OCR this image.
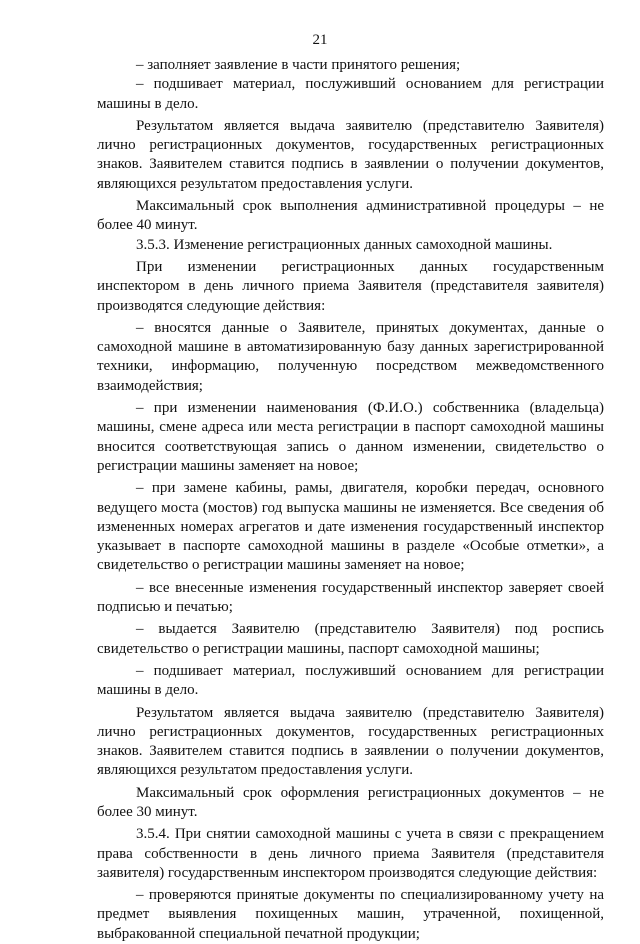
21

– заполняет заявление в части принятого решения;

– подшивает материал, послуживший основанием для регистрации машины в дело.

Результатом является выдача заявителю (представителю Заявителя) лично регистрационных документов, государственных регистрационных знаков. Заявителем ставится подпись в заявлении о получении документов, являющихся результатом предоставления услуги.

Максимальный срок выполнения административной процедуры – не более 40 минут.

3.5.3. Изменение регистрационных данных самоходной машины.

При изменении регистрационных данных государственным инспектором в день личного приема Заявителя (представителя заявителя) производятся следующие действия:

– вносятся данные о Заявителе, принятых документах, данные о самоходной машине в автоматизированную базу данных зарегистрированной техники, информацию, полученную посредством межведомственного взаимодействия;

– при изменении наименования (Ф.И.О.) собственника (владельца) машины, смене адреса или места регистрации в паспорт самоходной машины вносится соответствующая запись о данном изменении, свидетельство о регистрации машины заменяет на новое;

– при замене кабины, рамы, двигателя, коробки передач, основного ведущего моста (мостов) год выпуска машины не изменяется. Все сведения об измененных номерах агрегатов и дате изменения государственный инспектор указывает в паспорте самоходной машины в разделе «Особые отметки», а свидетельство о регистрации машины заменяет на новое;

– все внесенные изменения государственный инспектор заверяет своей подписью и печатью;

– выдается Заявителю (представителю Заявителя) под роспись свидетельство о регистрации машины, паспорт самоходной машины;

– подшивает материал, послуживший основанием для регистрации машины в дело.

Результатом является выдача заявителю (представителю Заявителя) лично регистрационных документов, государственных регистрационных знаков. Заявителем ставится подпись в заявлении о получении документов, являющихся результатом предоставления услуги.

Максимальный срок оформления регистрационных документов – не более 30 минут.

3.5.4. При снятии самоходной машины с учета в связи с прекращением права собственности в день личного приема Заявителя (представителя заявителя) государственным инспектором производятся следующие действия:

– проверяются принятые документы по специализированному учету на предмет выявления похищенных машин, утраченной, похищенной, выбракованной специальной печатной продукции;
